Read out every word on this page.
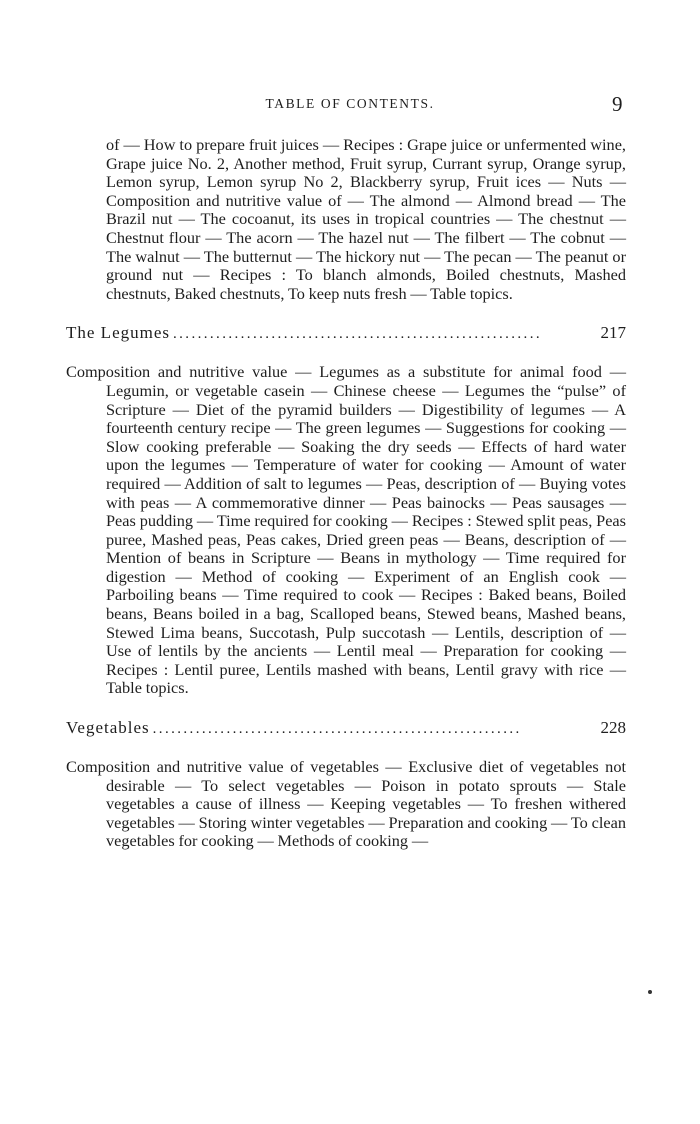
TABLE OF CONTENTS.	9

of — How to prepare fruit juices — Recipes : Grape juice or unfermented wine, Grape juice No. 2, Another method, Fruit syrup, Currant syrup, Orange syrup, Lemon syrup, Lemon syrup No 2, Blackberry syrup, Fruit ices — Nuts — Composition and nutritive value of — The almond — Almond bread — The Brazil nut — The cocoanut, its uses in tropical countries — The chestnut — Chestnut flour — The acorn — The hazel nut — The filbert — The cobnut — The walnut — The butternut — The hickory nut — The pecan — The peanut or ground nut — Recipes : To blanch almonds, Boiled chestnuts, Mashed chestnuts, Baked chestnuts, To keep nuts fresh — Table topics.

The Legumes ............................................................	217

Composition and nutritive value — Legumes as a substitute for animal food — Legumin, or vegetable casein — Chinese cheese — Legumes the “pulse” of Scripture — Diet of the pyramid builders — Digestibility of legumes — A fourteenth century recipe — The green legumes — Suggestions for cooking — Slow cooking preferable — Soaking the dry seeds — Effects of hard water upon the legumes — Temperature of water for cooking — Amount of water required — Addition of salt to legumes — Peas, description of — Buying votes with peas — A commemorative dinner — Peas bainocks — Peas sausages — Peas pudding — Time required for cooking — Recipes : Stewed split peas, Peas puree, Mashed peas, Peas cakes, Dried green peas — Beans, description of — Mention of beans in Scripture — Beans in mythology — Time required for digestion — Method of cooking — Experiment of an English cook — Parboiling beans — Time required to cook — Recipes : Baked beans, Boiled beans, Beans boiled in a bag, Scalloped beans, Stewed beans, Mashed beans, Stewed Lima beans, Succotash, Pulp succotash — Lentils, description of — Use of lentils by the ancients — Lentil meal — Preparation for cooking — Recipes : Lentil puree, Lentils mashed with beans, Lentil gravy with rice — Table topics.

Vegetables ............................................................	228

Composition and nutritive value of vegetables — Exclusive diet of vegetables not desirable — To select vegetables — Poison in potato sprouts — Stale vegetables a cause of illness — Keeping vegetables — To freshen withered vegetables — Storing winter vegetables — Preparation and cooking — To clean vegetables for cooking — Methods of cooking —
